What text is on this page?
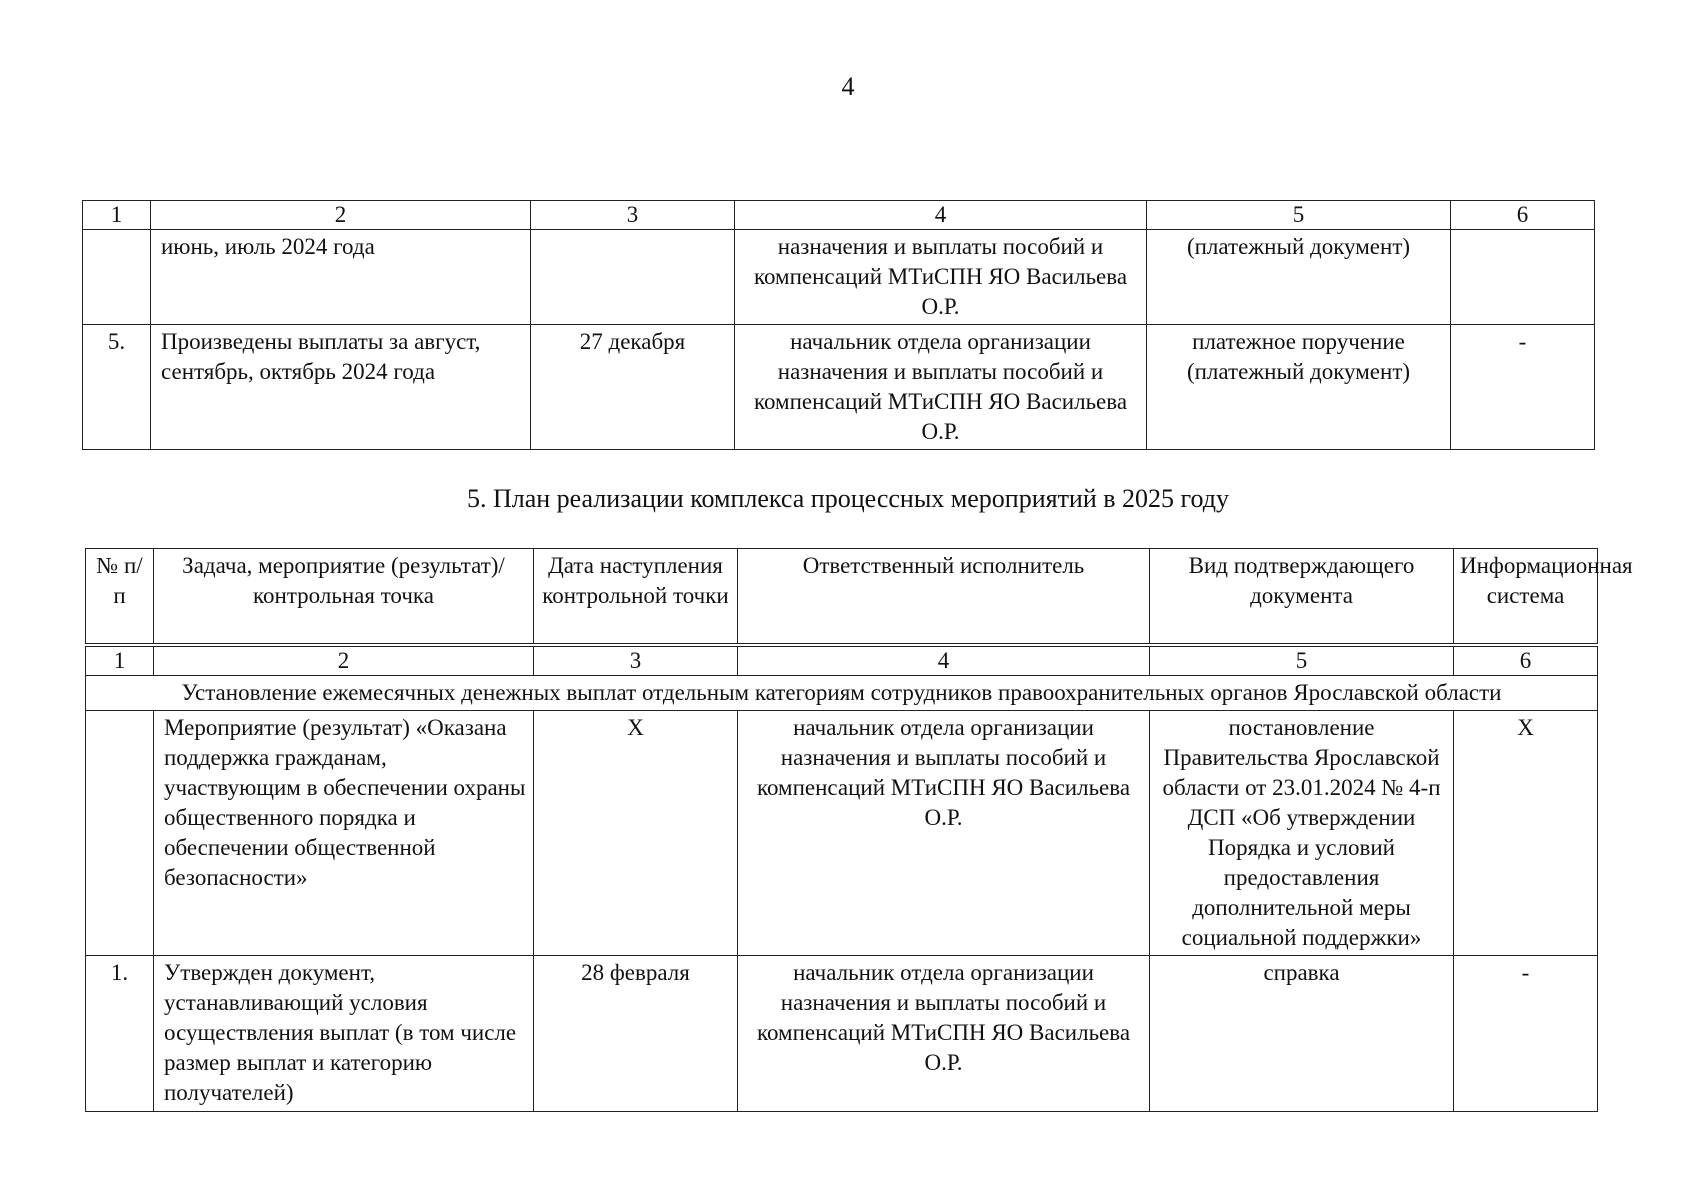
4
1	2	3	4	5	6
	июнь, июль 2024 года		назначения и выплаты пособий и компенсаций МТиСПН ЯО Васильева О.Р.	(платежный документ)	
5.	Произведены выплаты за август, сентябрь, октябрь 2024 года	27 декабря	начальник отдела организации назначения и выплаты пособий и компенсаций МТиСПН ЯО Васильева О.Р.	платежное поручение (платежный документ)	-
5. План реализации комплекса процессных мероприятий в 2025 году
№ п/п	Задача, мероприятие (результат)/ контрольная точка	Дата наступления контрольной точки	Ответственный исполнитель	Вид подтверждающего документа	Информационная система
1	2	3	4	5	6
Установление ежемесячных денежных выплат отдельным категориям сотрудников правоохранительных органов Ярославской области					
	Мероприятие (результат) «Оказана поддержка гражданам, участвующим в обеспечении охраны общественного порядка и обеспечении общественной безопасности»	Х	начальник отдела организации назначения и выплаты пособий и компенсаций МТиСПН ЯО Васильева О.Р.	постановление Правительства Ярославской области от 23.01.2024 № 4-п ДСП «Об утверждении Порядка и условий предоставления дополнительной меры социальной поддержки»	Х
1.	Утвержден документ, устанавливающий условия осуществления выплат (в том числе размер выплат и категорию получателей)	28 февраля	начальник отдела организации назначения и выплаты пособий и компенсаций МТиСПН ЯО Васильева О.Р.	справка	-
